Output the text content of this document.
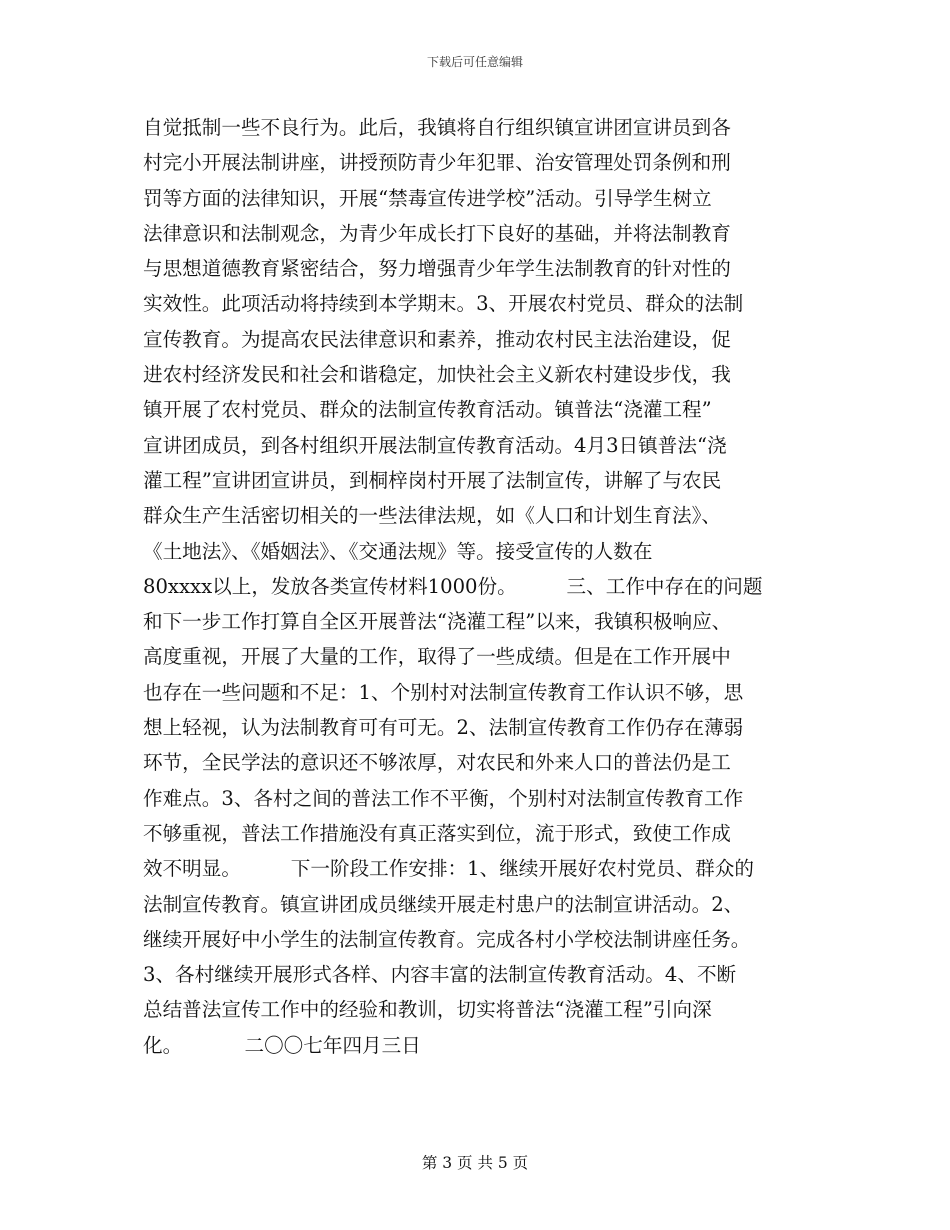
下载后可任意编辑
自觉抵制一些不良行为。此后，我镇将自行组织镇宣讲团宣讲员到各
村完小开展法制讲座，讲授预防青少年犯罪、治安管理处罚条例和刑
罚等方面的法律知识，开展“禁毒宣传进学校”活动。引导学生树立
法律意识和法制观念，为青少年成长打下良好的基础，并将法制教育
与思想道德教育紧密结合，努力增强青少年学生法制教育的针对性的
实效性。此项活动将持续到本学期末。3、开展农村党员、群众的法制
宣传教育。为提高农民法律意识和素养，推动农村民主法治建设，促
进农村经济发民和社会和谐稳定，加快社会主义新农村建设步伐，我
镇开展了农村党员、群众的法制宣传教育活动。镇普法“浇灌工程”
宣讲团成员，到各村组织开展法制宣传教育活动。4月3日镇普法“浇
灌工程”宣讲团宣讲员，到桐梓岗村开展了法制宣传，讲解了与农民
群众生产生活密切相关的一些法律法规，如《人口和计划生育法》、
《土地法》、《婚姻法》、《交通法规》等。接受宣传的人数在
80xxxx以上，发放各类宣传材料1000份。        三、工作中存在的问题
和下一步工作打算自全区开展普法“浇灌工程”以来，我镇积极响应、
高度重视，开展了大量的工作，取得了一些成绩。但是在工作开展中
也存在一些问题和不足：1、个别村对法制宣传教育工作认识不够，思
想上轻视，认为法制教育可有可无。2、法制宣传教育工作仍存在薄弱
环节，全民学法的意识还不够浓厚，对农民和外来人口的普法仍是工
作难点。3、各村之间的普法工作不平衡，个别村对法制宣传教育工作
不够重视，普法工作措施没有真正落实到位，流于形式，致使工作成
效不明显。        下一阶段工作安排：1、继续开展好农村党员、群众的
法制宣传教育。镇宣讲团成员继续开展走村患户的法制宣讲活动。2、
继续开展好中小学生的法制宣传教育。完成各村小学校法制讲座任务。
3、各村继续开展形式各样、内容丰富的法制宣传教育活动。4、不断
总结普法宣传工作中的经验和教训，切实将普法“浇灌工程”引向深
化。          二〇〇七年四月三日
第 3 页 共 5 页
